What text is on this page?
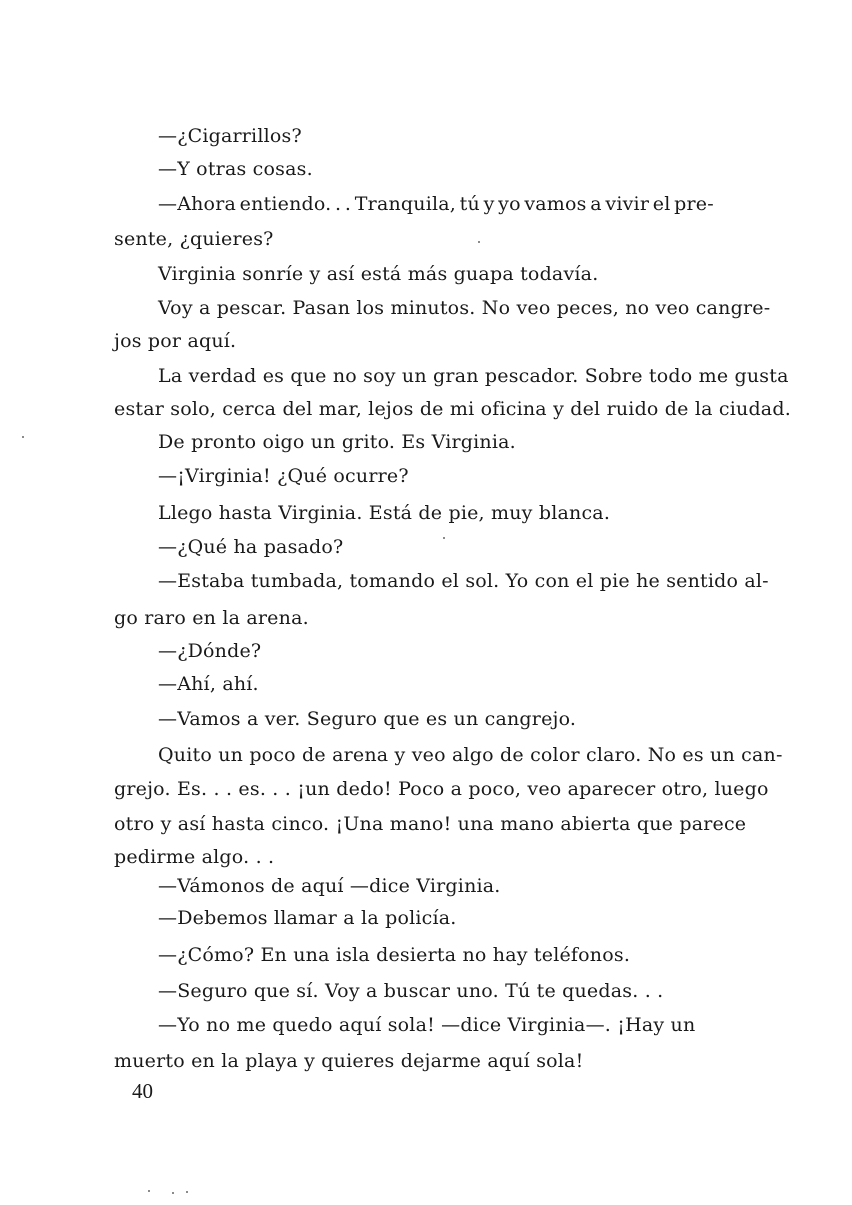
—¿Cigarrillos?
—Y otras cosas.
—Ahora entiendo. . . Tranquila, tú y yo vamos a vivir el pre-
sente, ¿quieres?
Virginia sonríe y así está más guapa todavía.
Voy a pescar. Pasan los minutos. No veo peces, no veo cangre-
jos por aquí.
La verdad es que no soy un gran pescador. Sobre todo me gusta
estar solo, cerca del mar, lejos de mi oficina y del ruido de la ciudad.
De pronto oigo un grito. Es Virginia.
—¡Virginia! ¿Qué ocurre?
Llego hasta Virginia. Está de pie, muy blanca.
—¿Qué ha pasado?
—Estaba tumbada, tomando el sol. Yo con el pie he sentido al-
go raro en la arena.
—¿Dónde?
—Ahí, ahí.
—Vamos a ver. Seguro que es un cangrejo.
Quito un poco de arena y veo algo de color claro. No es un can-
grejo. Es. . . es. . . ¡un dedo! Poco a poco, veo aparecer otro, luego
otro y así hasta cinco. ¡Una mano! una mano abierta que parece
pedirme algo. . .
—Vámonos de aquí —dice Virginia.
—Debemos llamar a la policía.
—¿Cómo? En una isla desierta no hay teléfonos.
—Seguro que sí. Voy a buscar uno. Tú te quedas. . .
—Yo no me quedo aquí sola! —dice Virginia—. ¡Hay un
muerto en la playa y quieres dejarme aquí sola!
40
